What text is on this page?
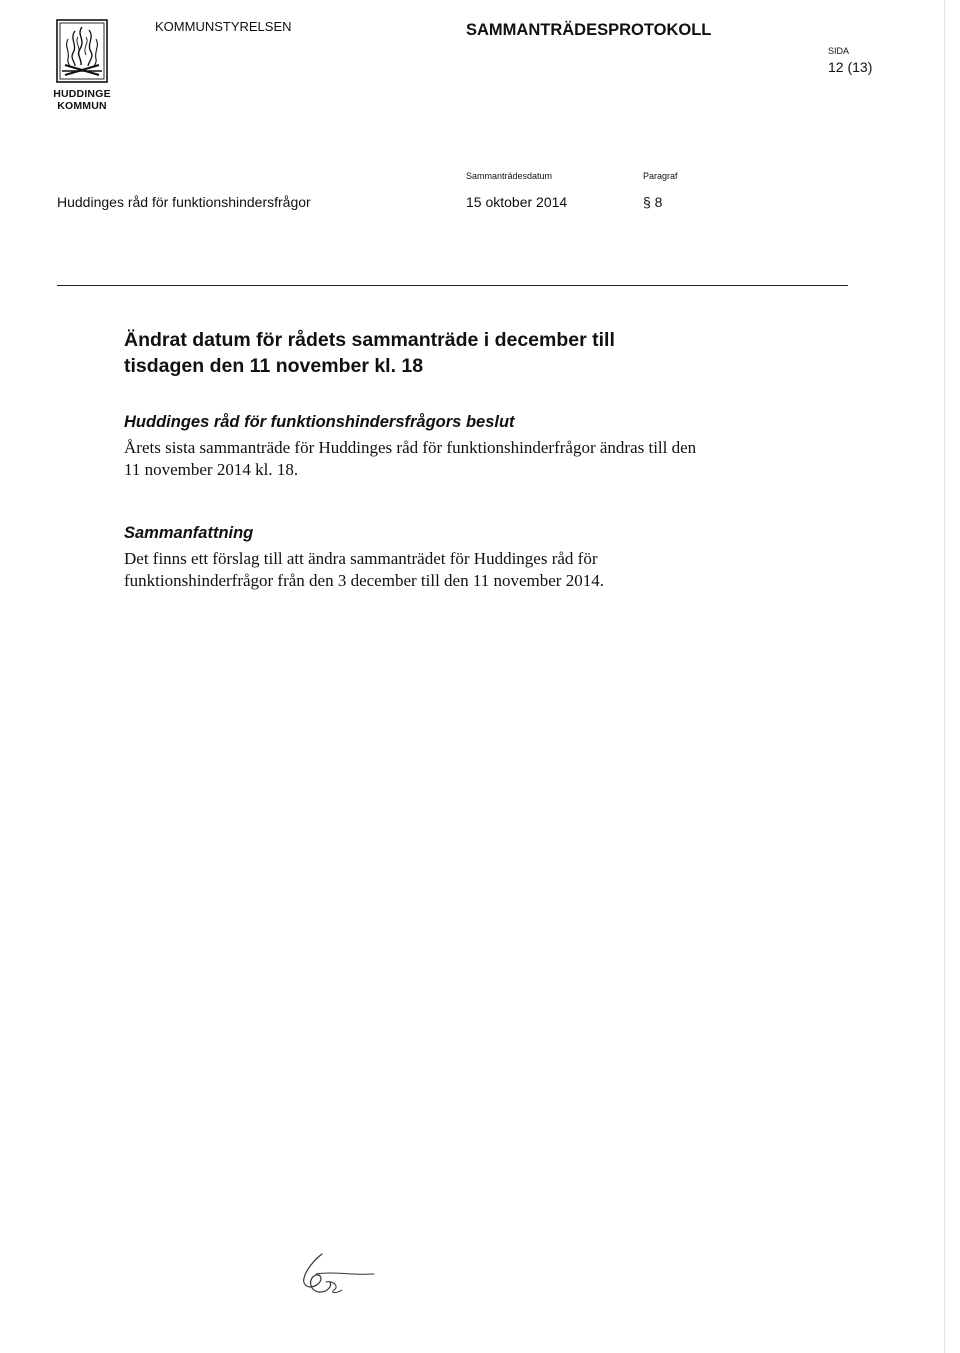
HUDDINGE
KOMMUN
KOMMUNSTYRELSEN	SAMMANTRÄDESPROTOKOLL
SIDA
12 (13)
Sammanträdesdatum	Paragraf
Huddinges råd för funktionshindersfrågor	15 oktober 2014	§ 8
Ändrat datum för rådets sammanträde i december till
tisdagen den 11 november kl. 18
Huddinges råd för funktionshindersfrågors beslut
Årets sista sammanträde för Huddinges råd för funktionshinderfrågor ändras till den
11 november 2014 kl. 18.
Sammanfattning
Det finns ett förslag till att ändra sammanträdet för Huddinges råd för
funktionshinderfrågor från den 3 december till den 11 november 2014.
